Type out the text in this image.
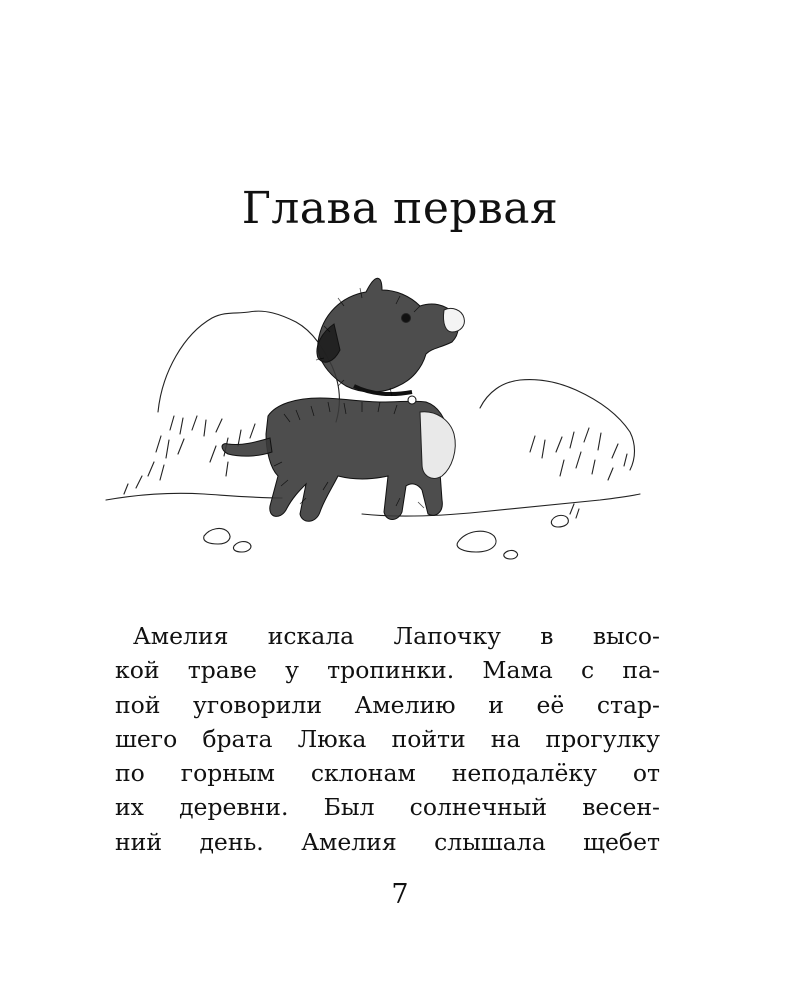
Глава первая
Амелия искала Лапочку в высо-
кой траве у тропинки. Мама с па-
пой уговорили Амелию и её стар-
шего брата Люка пойти на прогулку
по горным склонам неподалёку от
их деревни. Был солнечный весен-
ний день. Амелия слышала щебет
7
